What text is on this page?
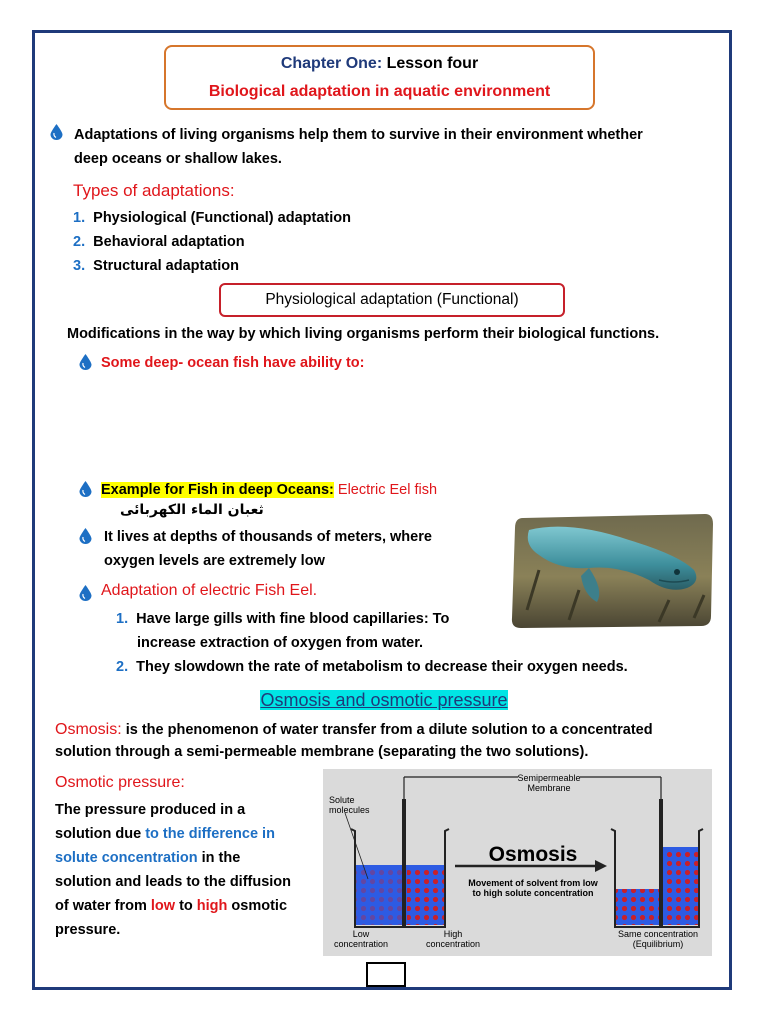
Chapter One: Lesson four
Biological adaptation in aquatic environment
Adaptations of living organisms help them to survive in their environment whether
deep oceans or shallow lakes.
Types of adaptations:
1. Physiological (Functional) adaptation
2. Behavioral adaptation
3. Structural adaptation
Physiological adaptation (Functional)
Modifications in the way by which living organisms perform their biological functions.
Some deep- ocean fish have ability to:
Example for Fish in deep Oceans: Electric Eel fish
ثعبان الماء الكهربائى
It lives at depths of thousands of meters, where
oxygen levels are extremely low
Adaptation of electric Fish Eel.
1. Have large gills with fine blood capillaries: To
increase extraction of oxygen from water.
2. They slowdown the rate of metabolism to decrease their oxygen needs.
Osmosis and osmotic pressure
Osmosis: is the phenomenon of water transfer from a dilute solution to a concentrated
solution through a semi-permeable membrane (separating the two solutions).
Osmotic pressure:
The pressure produced in a
solution due to the difference in
solute concentration in the
solution and leads to the diffusion
of water from low to high osmotic
pressure.
Semipermeable
Membrane
Solute
molecules
Osmosis
Movement of solvent from low
to high solute concentration
Low
concentration
High
concentration
Same concentration
(Equilibrium)
